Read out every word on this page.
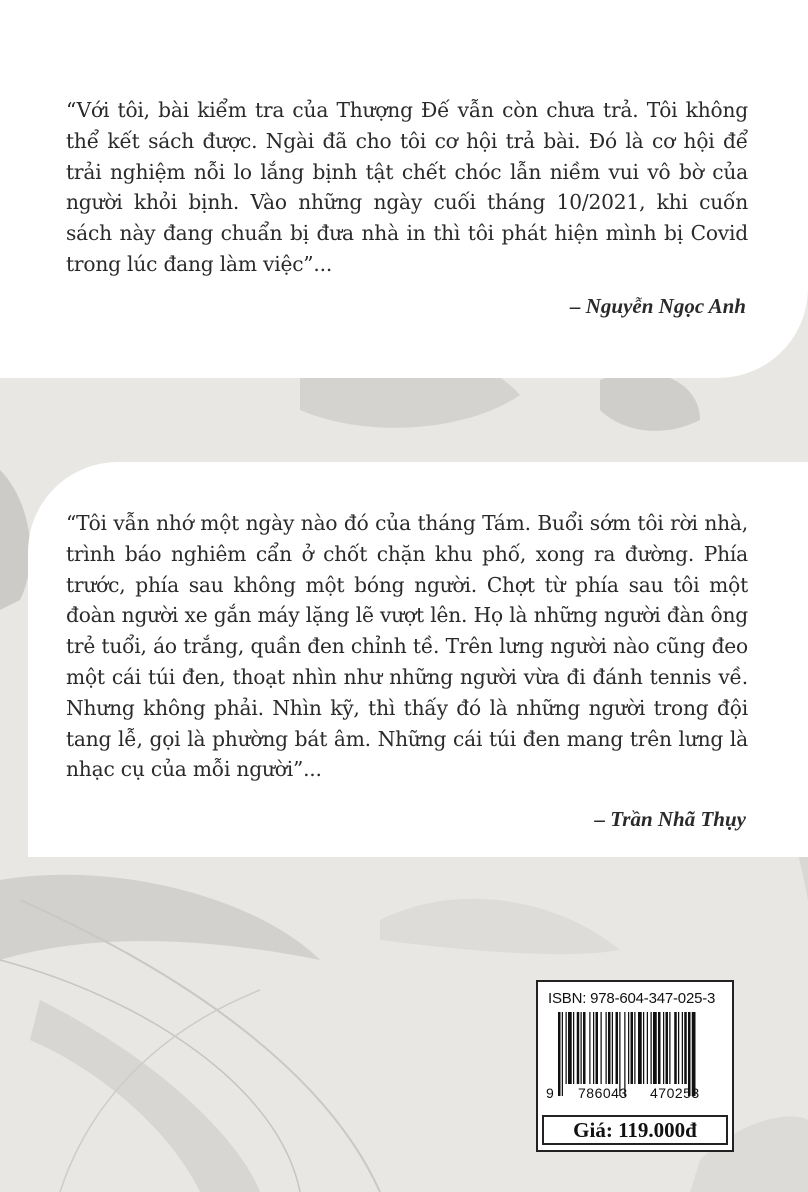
“Với tôi, bài kiểm tra của Thượng Đế vẫn còn chưa trả. Tôi không thể kết sách được. Ngài đã cho tôi cơ hội trả bài. Đó là cơ hội để trải nghiệm nỗi lo lắng bịnh tật chết chóc lẫn niềm vui vô bờ của người khỏi bịnh. Vào những ngày cuối tháng 10/2021, khi cuốn sách này đang chuẩn bị đưa nhà in thì tôi phát hiện mình bị Covid trong lúc đang làm việc”...

– Nguyễn Ngọc Anh

“Tôi vẫn nhớ một ngày nào đó của tháng Tám. Buổi sớm tôi rời nhà, trình báo nghiêm cẩn ở chốt chặn khu phố, xong ra đường. Phía trước, phía sau không một bóng người. Chợt từ phía sau tôi một đoàn người xe gắn máy lặng lẽ vượt lên. Họ là những người đàn ông trẻ tuổi, áo trắng, quần đen chỉnh tề. Trên lưng người nào cũng đeo một cái túi đen, thoạt nhìn như những người vừa đi đánh tennis về. Nhưng không phải. Nhìn kỹ, thì thấy đó là những người trong đội tang lễ, gọi là phường bát âm. Những cái túi đen mang trên lưng là nhạc cụ của mỗi người”...

– Trần Nhã Thụy
ISBN: 978-604-347-025-3
9 786043 470253
Giá: 119.000đ
